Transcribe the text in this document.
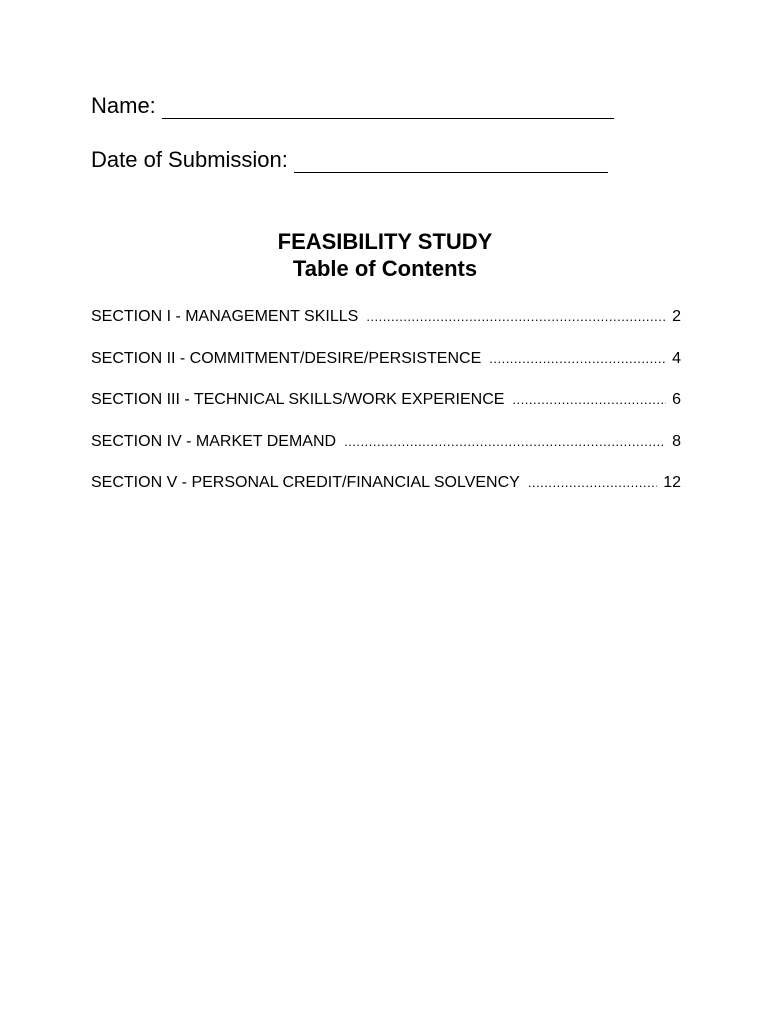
Name:
Date of Submission:
FEASIBILITY STUDY
Table of Contents
SECTION I - MANAGEMENT SKILLS .....	2
SECTION II - COMMITMENT/DESIRE/PERSISTENCE .....	4
SECTION III - TECHNICAL SKILLS/WORK EXPERIENCE .....	6
SECTION IV - MARKET DEMAND .....	8
SECTION V - PERSONAL CREDIT/FINANCIAL SOLVENCY .....	12
